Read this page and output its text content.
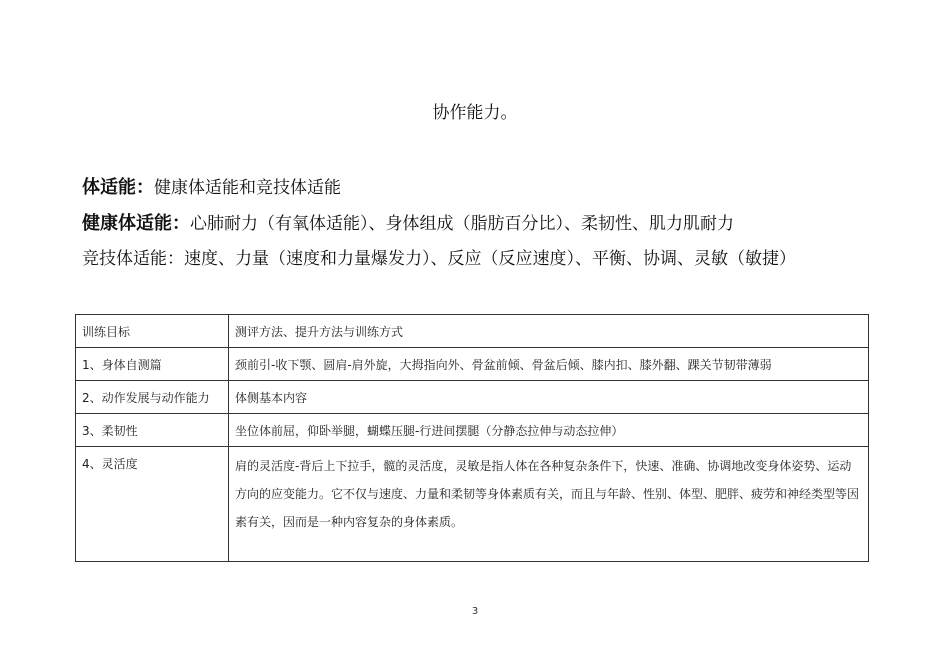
协作能力。
体适能：健康体适能和竞技体适能
健康体适能：心肺耐力（有氧体适能）、身体组成（脂肪百分比）、柔韧性、肌力肌耐力
竞技体适能：速度、力量（速度和力量爆发力）、反应（反应速度）、平衡、协调、灵敏（敏捷）
训练目标	测评方法、提升方法与训练方式
1、身体自测篇	颈前引-收下颚、圆肩-肩外旋，大拇指向外、骨盆前倾、骨盆后倾、膝内扣、膝外翻、踝关节韧带薄弱
2、动作发展与动作能力	体侧基本内容
3、柔韧性	坐位体前屈，仰卧举腿，蝴蝶压腿-行进间摆腿（分静态拉伸与动态拉伸）
4、灵活度	肩的灵活度-背后上下拉手，髋的灵活度，灵敏是指人体在各种复杂条件下，快速、准确、协调地改变身体姿势、运动方向的应变能力。它不仅与速度、力量和柔韧等身体素质有关，而且与年龄、性别、体型、肥胖、疲劳和神经类型等因素有关，因而是一种内容复杂的身体素质。
3
